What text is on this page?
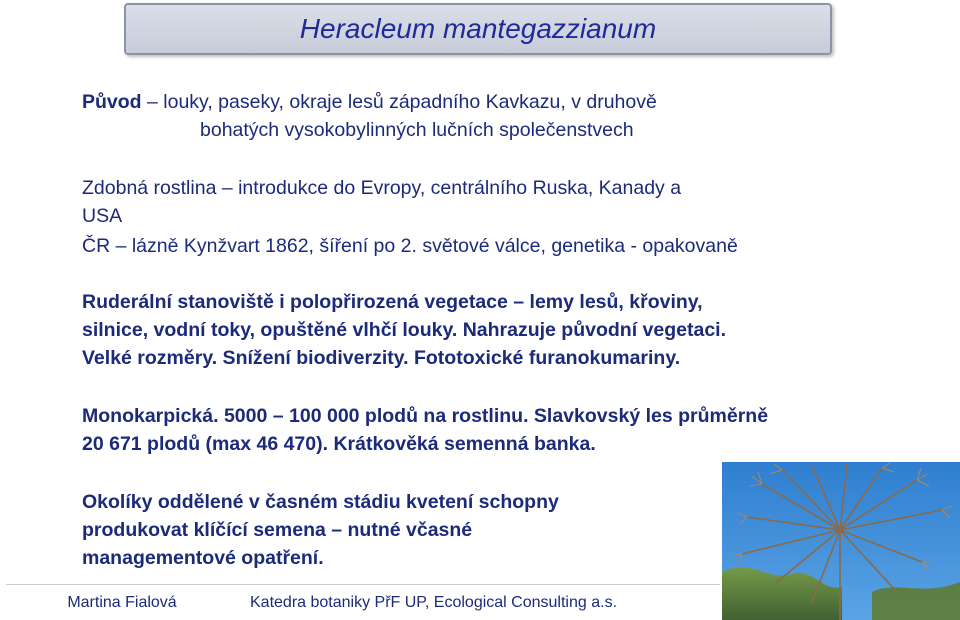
Heracleum mantegazzianum

Původ – louky, paseky, okraje lesů západního Kavkazu, v druhově
bohatých vysokobylinných lučních společenstvech

Zdobná rostlina – introdukce do Evropy, centrálního Ruska, Kanady a
USA

ČR – lázně Kynžvart 1862, šíření po 2. světové válce, genetika - opakovaně

Ruderální stanoviště i polopřirozená vegetace – lemy lesů, křoviny,
silnice, vodní toky, opuštěné vlhčí louky. Nahrazuje původní vegetaci.
Velké rozměry. Snížení biodiverzity. Fototoxické furanokumariny.

Monokarpická. 5000 – 100 000 plodů na rostlinu. Slavkovský les průměrně
20 671 plodů (max 46 470). Krátkověká semenná banka.

Okolíky oddělené v časném stádiu kvetení schopny
produkovat klíčící semena – nutné včasné
managementové opatření.

Martina Fialová	Katedra botaniky PřF UP, Ecological Consulting a.s.
